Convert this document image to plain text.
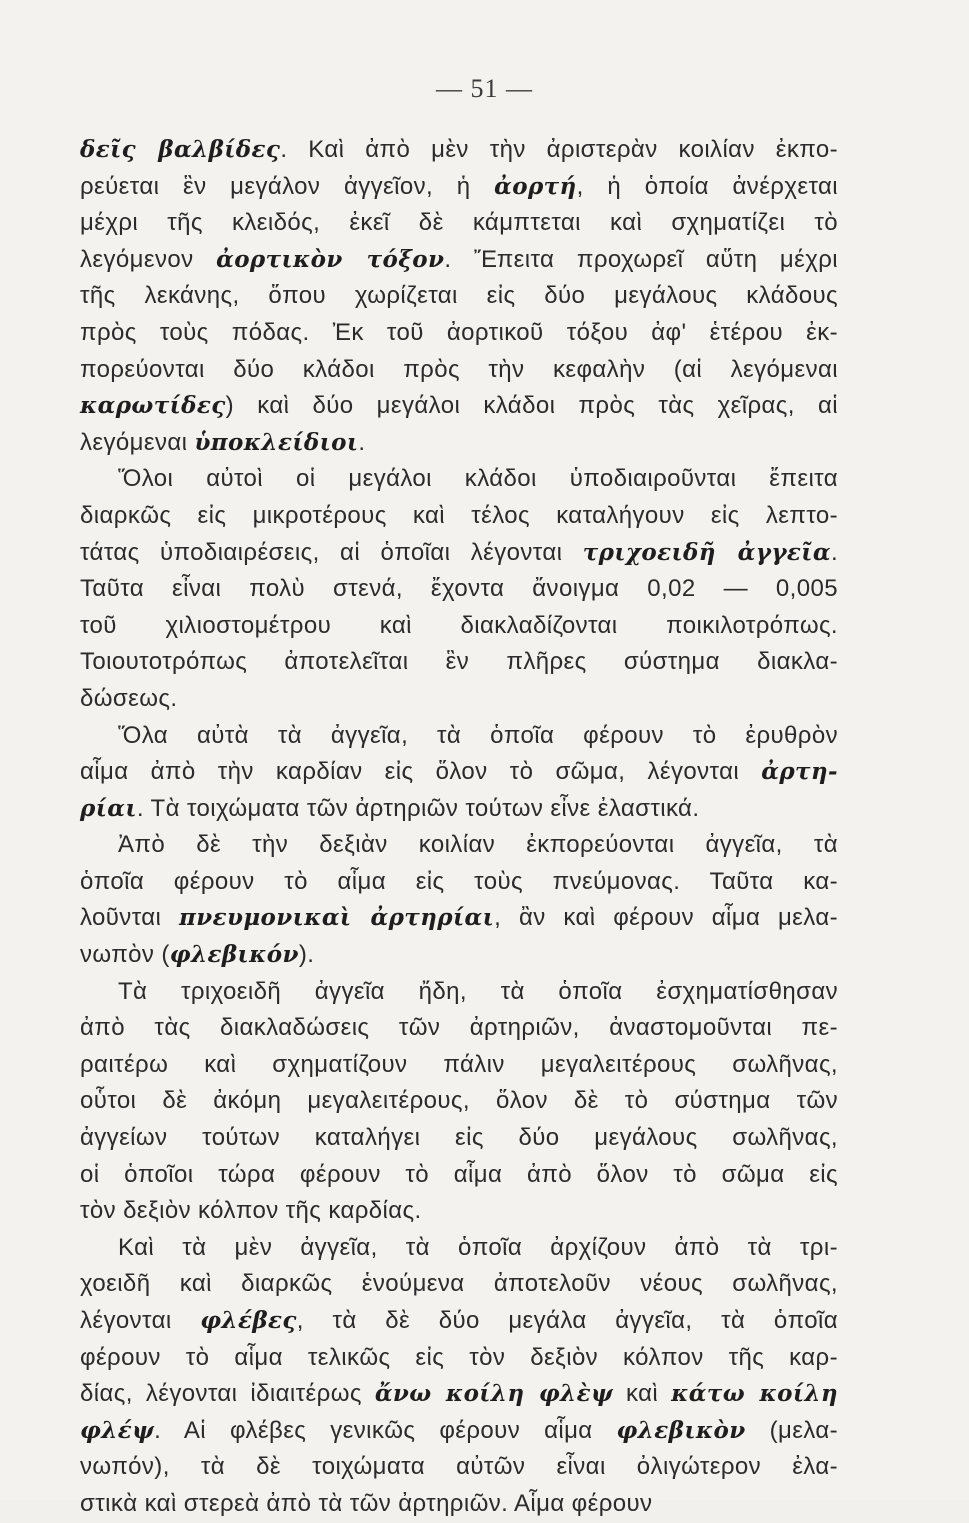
— 51 —
δεῖς βαλβίδες. Καὶ ἀπὸ μὲν τὴν ἀριστερὰν κοιλίαν ἐκπο-
ρεύεται ἓν μεγάλον ἀγγεῖον, ἡ ἀορτή, ἡ ὁποία ἀνέρχεται
μέχρι τῆς κλειδός, ἐκεῖ δὲ κάμπτεται καὶ σχηματίζει τὸ
λεγόμενον ἀορτικὸν τόξον. Ἔπειτα προχωρεῖ αὕτη μέχρι
τῆς λεκάνης, ὅπου χωρίζεται εἰς δύο μεγάλους κλάδους
πρὸς τοὺς πόδας. Ἐκ τοῦ ἀορτικοῦ τόξου ἀφ' ἑτέρου ἐκ-
πορεύονται δύο κλάδοι πρὸς τὴν κεφαλὴν (αἱ λεγόμεναι
καρωτίδες) καὶ δύο μεγάλοι κλάδοι πρὸς τὰς χεῖρας, αἱ
λεγόμεναι ὑποκλείδιοι.
Ὅλοι αὐτοὶ οἱ μεγάλοι κλάδοι ὑποδιαιροῦνται ἔπειτα
διαρκῶς εἰς μικροτέρους καὶ τέλος καταλήγουν εἰς λεπτο-
τάτας ὑποδιαιρέσεις, αἱ ὁποῖαι λέγονται τριχοειδῆ ἀγγεῖα.
Ταῦτα εἶναι πολὺ στενά, ἔχοντα ἄνοιγμα 0,02 — 0,005
τοῦ χιλιοστομέτρου καὶ διακλαδίζονται ποικιλοτρόπως.
Τοιουτοτρόπως ἀποτελεῖται ἓν πλῆρες σύστημα διακλα-
δώσεως.
Ὅλα αὐτὰ τὰ ἀγγεῖα, τὰ ὁποῖα φέρουν τὸ ἐρυθρὸν
αἷμα ἀπὸ τὴν καρδίαν εἰς ὅλον τὸ σῶμα, λέγονται ἀρτη-
ρίαι. Τὰ τοιχώματα τῶν ἀρτηριῶν τούτων εἶνε ἐλαστικά.
Ἀπὸ δὲ τὴν δεξιὰν κοιλίαν ἐκπορεύονται ἀγγεῖα, τὰ
ὁποῖα φέρουν τὸ αἷμα εἰς τοὺς πνεύμονας. Ταῦτα κα-
λοῦνται πνευμονικαὶ ἀρτηρίαι, ἂν καὶ φέρουν αἷμα μελα-
νωπὸν (φλεβικόν).
Τὰ τριχοειδῆ ἀγγεῖα ἤδη, τὰ ὁποῖα ἐσχηματίσθησαν
ἀπὸ τὰς διακλαδώσεις τῶν ἀρτηριῶν, ἀναστομοῦνται πε-
ραιτέρω καὶ σχηματίζουν πάλιν μεγαλειτέρους σωλῆνας,
οὗτοι δὲ ἀκόμη μεγαλειτέρους, ὅλον δὲ τὸ σύστημα τῶν
ἀγγείων τούτων καταλήγει εἰς δύο μεγάλους σωλῆνας,
οἱ ὁποῖοι τώρα φέρουν τὸ αἷμα ἀπὸ ὅλον τὸ σῶμα εἰς
τὸν δεξιὸν κόλπον τῆς καρδίας.
Καὶ τὰ μὲν ἀγγεῖα, τὰ ὁποῖα ἀρχίζουν ἀπὸ τὰ τρι-
χοειδῆ καὶ διαρκῶς ἑνούμενα ἀποτελοῦν νέους σωλῆνας,
λέγονται φλέβες, τὰ δὲ δύο μεγάλα ἀγγεῖα, τὰ ὁποῖα
φέρουν τὸ αἷμα τελικῶς εἰς τὸν δεξιὸν κόλπον τῆς καρ-
δίας, λέγονται ἰδιαιτέρως ἄνω κοίλη φλὲψ καὶ κάτω κοίλη
φλέψ. Αἱ φλέβες γενικῶς φέρουν αἷμα φλεβικὸν (μελα-
νωπόν), τὰ δὲ τοιχώματα αὐτῶν εἶναι ὀλιγώτερον ἐλα-
στικὰ καὶ στερεὰ ἀπὸ τὰ τῶν ἀρτηριῶν. Αἷμα φέρουν
